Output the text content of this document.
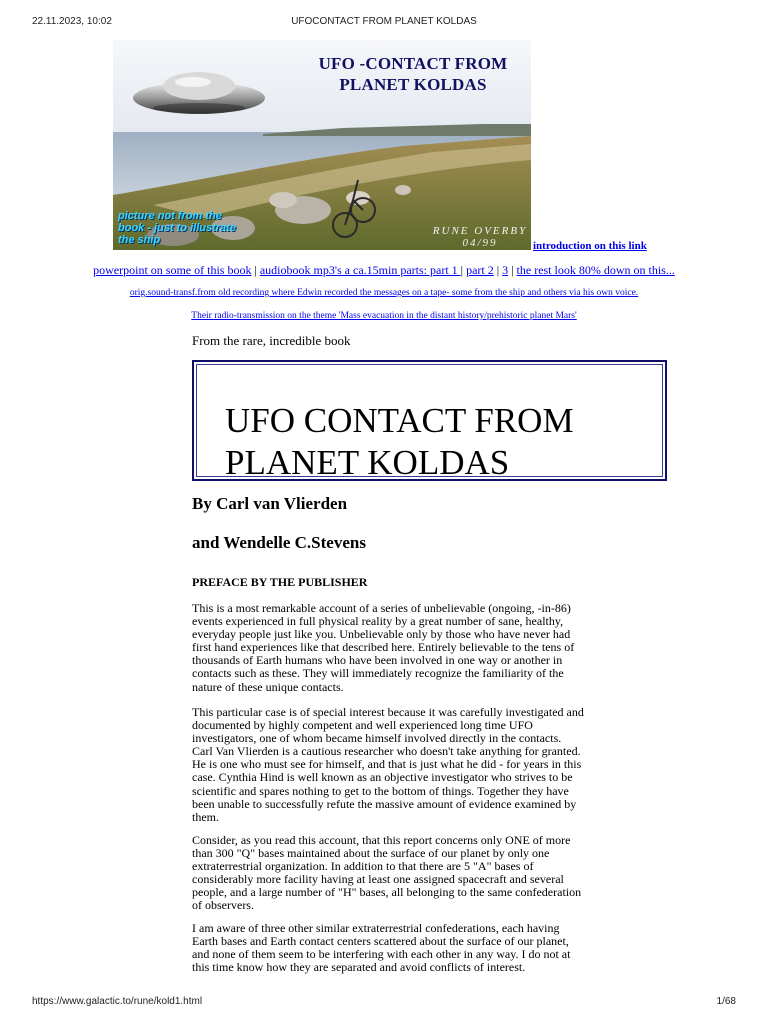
22.11.2023, 10:02	UFOCONTACT FROM PLANET KOLDAS
UFO -CONTACT FROM
PLANET KOLDAS
picture not from the book - just to illustrate the ship
RUNE OVERBY
04/99	introduction on this link
powerpoint on some of this book | audiobook mp3's a ca.15min parts: part 1 | part 2 | 3 | the rest look 80% down on this...
orig.sound-transf.from old recording where Edwin recorded the messages on a tape- some from the ship and others via his own voice.
Their radio-transmission on the theme 'Mass evacuation in the distant history/prehistoric planet Mars'
From the rare, incredible book
UFO CONTACT FROM
PLANET KOLDAS
By Carl van Vlierden
and Wendelle C.Stevens
PREFACE BY THE PUBLISHER
This is a most remarkable account of a series of unbelievable (ongoing, -in-86) events experienced in full physical reality by a great number of sane, healthy, everyday people just like you. Unbelievable only by those who have never had first hand experiences like that described here. Entirely believable to the tens of thousands of Earth humans who have been involved in one way or another in contacts such as these. They will immediately recognize the familiarity of the nature of these unique contacts.
This particular case is of special interest because it was carefully investigated and documented by highly competent and well experienced long time UFO investigators, one of whom became himself involved directly in the contacts. Carl Van Vlierden is a cautious researcher who doesn't take anything for granted. He is one who must see for himself, and that is just what he did - for years in this case. Cynthia Hind is well known as an objective investigator who strives to be scientific and spares nothing to get to the bottom of things. Together they have been unable to successfully refute the massive amount of evidence examined by them.
Consider, as you read this account, that this report concerns only ONE of more than 300 "Q" bases maintained about the surface of our planet by only one extraterrestrial organization. In addition to that there are 5 "A" bases of considerably more facility having at least one assigned spacecraft and several people, and a large number of "H" bases, all belonging to the same confederation of observers.
I am aware of three other similar extraterrestrial confederations, each having Earth bases and Earth contact centers scattered about the surface of our planet, and none of them seem to be interfering with each other in any way. I do not at this time know how they are separated and avoid conflicts of interest.
https://www.galactic.to/rune/kold1.html	1/68
